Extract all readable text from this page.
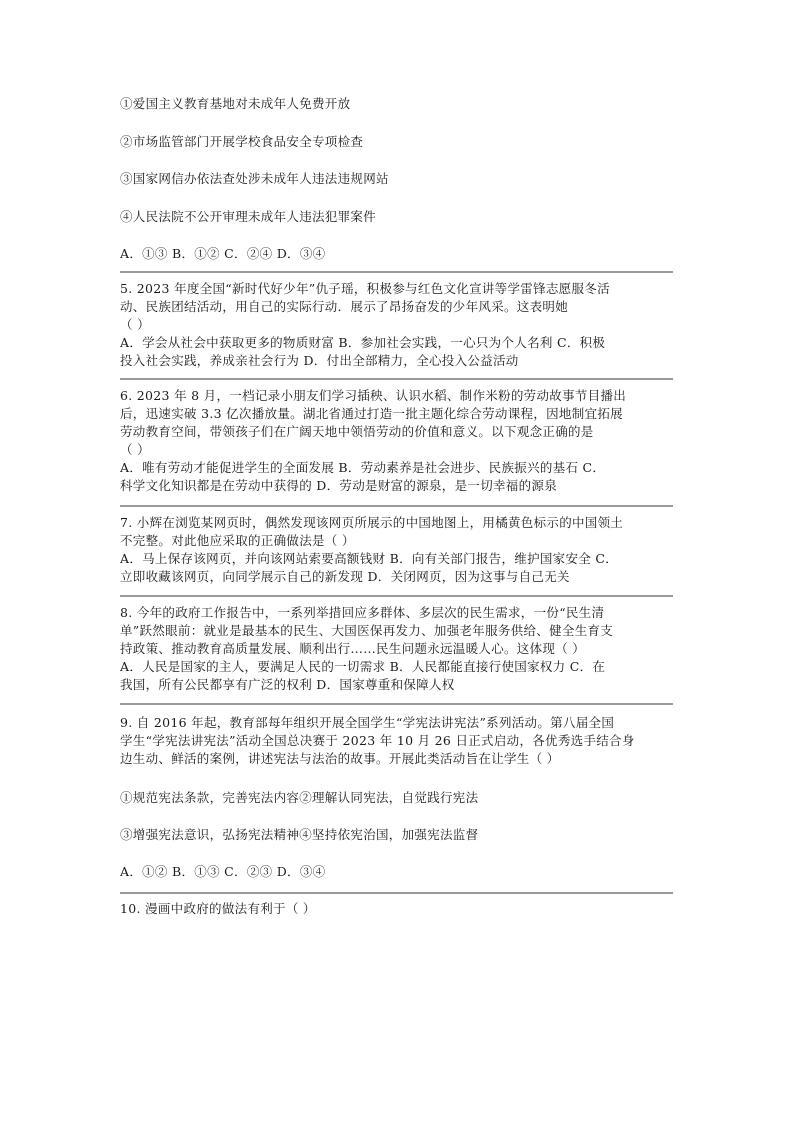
①爱国主义教育基地对未成年人免费开放
②市场监管部门开展学校食品安全专项检查
③国家网信办依法查处涉未成年人违法违规网站
④人民法院不公开审理未成年人违法犯罪案件
A．①③ B．①② C．②④ D．③④
5. 2023 年度全国“新时代好少年”仇子瑶，积极参与红色文化宣讲等学雷锋志愿服冬活
动、民族团结活动，用自己的实际行动．展示了昂扬奋发的少年风采。这表明她
（ ）
A．学会从社会中获取更多的物质财富 B．参加社会实践，一心只为个人名利 C．积极
投入社会实践，养成亲社会行为 D．付出全部精力，全心投入公益活动
6. 2023 年 8 月，一档记录小朋友们学习插秧、认识水稻、制作米粉的劳动故事节目播出
后，迅速实破 3.3 亿次播放量。湖北省通过打造一批主题化综合劳动课程，因地制宜拓展
劳动教育空间，带领孩子们在广阔天地中领悟劳动的价值和意义。以下观念正确的是
（ ）
A．唯有劳动才能促进学生的全面发展 B．劳动素养是社会进步、民族振兴的基石 C．
科学文化知识都是在劳动中获得的 D．劳动是财富的源泉，是一切幸福的源泉
7. 小辉在浏览某网页时，偶然发现该网页所展示的中国地图上，用橘黄色标示的中国领土
不完整。对此他应采取的正确做法是（ ）
A．马上保存该网页，并向该网站索要高额钱财 B．向有关部门报告，维护国家安全 C．
立即收藏该网页，向同学展示自己的新发现 D．关闭网页，因为这事与自己无关
8. 今年的政府工作报告中，一系列举措回应多群体、多层次的民生需求，一份“民生清
单”跃然眼前：就业是最基本的民生、大国医保再发力、加强老年服务供给、健全生育支
持政策、推动教育高质量发展、顺利出行……民生问题永远温暖人心。这体现（ ）
A．人民是国家的主人，要满足人民的一切需求 B．人民都能直接行使国家权力 C．在
我国，所有公民都享有广泛的权利 D．国家尊重和保障人权
9. 自 2016 年起，教育部每年组织开展全国学生“学宪法讲宪法”系列活动。第八届全国
学生“学宪法讲宪法”活动全国总决赛于 2023 年 10 月 26 日正式启动，各优秀选手结合身
边生动、鲜活的案例，讲述宪法与法治的故事。开展此类活动旨在让学生（ ）
①规范宪法条款，完善宪法内容②理解认同宪法，自觉践行宪法
③增强宪法意识，弘扬宪法精神④坚持依宪治国，加强宪法监督
A．①② B．①③ C．②③ D．③④
10. 漫画中政府的做法有利于（ ）
